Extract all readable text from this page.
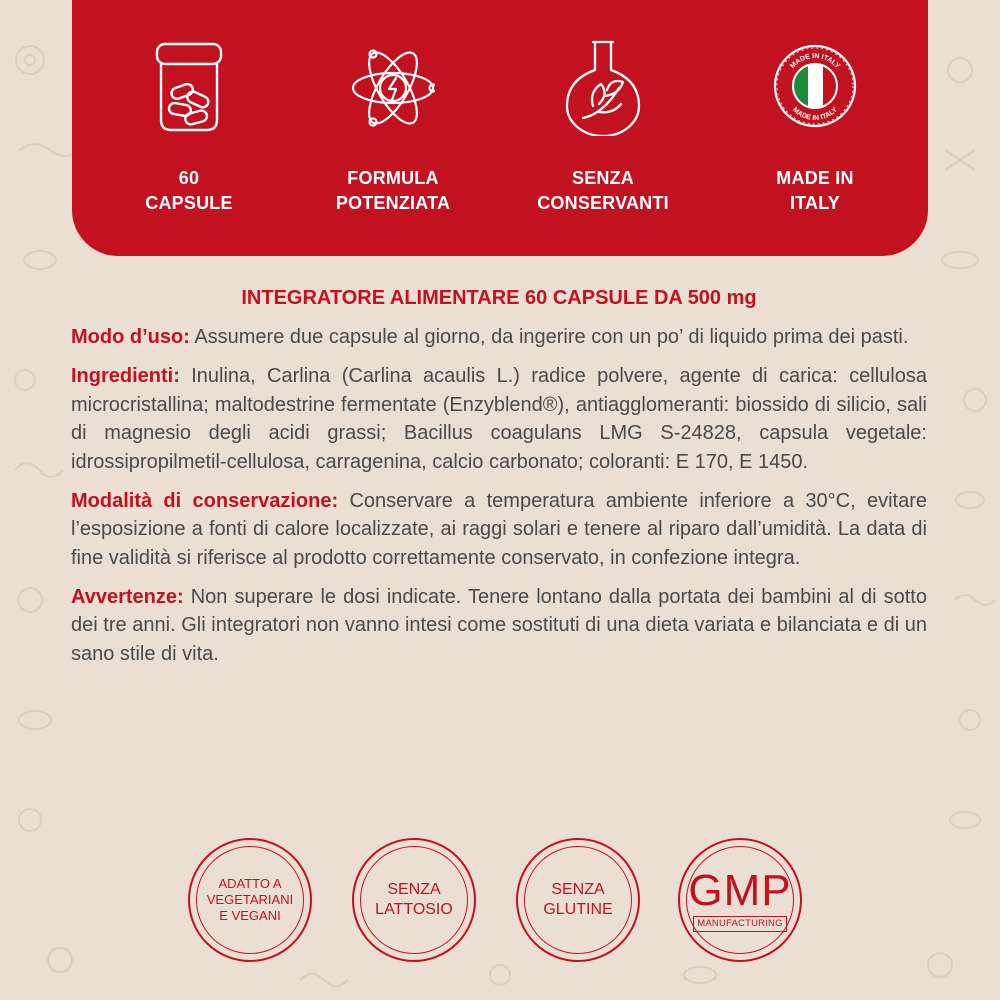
60
CAPSULE
FORMULA
POTENZIATA
SENZA
CONSERVANTI
MADE IN ITALY
MADE IN ITALY
MADE IN
ITALY
INTEGRATORE ALIMENTARE 60 CAPSULE DA 500 mg

Modo d’uso: Assumere due capsule al giorno, da ingerire con un po’ di liquido prima dei pasti.

Ingredienti: Inulina, Carlina (Carlina acaulis L.) radice polvere, agente di carica: cellulosa microcristallina; maltodestrine fermentate (Enzyblend®), antiagglomeranti: biossido di silicio, sali di magnesio degli acidi grassi; Bacillus coagulans LMG S-24828, capsula vegetale: idrossipropilmetil-cellulosa, carragenina, calcio carbonato; coloranti: E 170, E 1450.

Modalità di conservazione: Conservare a temperatura ambiente inferiore a 30°C, evitare l’esposizione a fonti di calore localizzate, ai raggi solari e tenere al riparo dall’umidità. La data di fine validità si riferisce al prodotto correttamente conservato, in confezione integra.

Avvertenze: Non superare le dosi indicate. Tenere lontano dalla portata dei bambini al di sotto dei tre anni. Gli integratori non vanno intesi come sostituti di una dieta variata e bilanciata e di un sano stile di vita.

ADATTO A
VEGETARIANI
E VEGANI
SENZA
LATTOSIO
SENZA
GLUTINE GMP
MANUFACTURING
